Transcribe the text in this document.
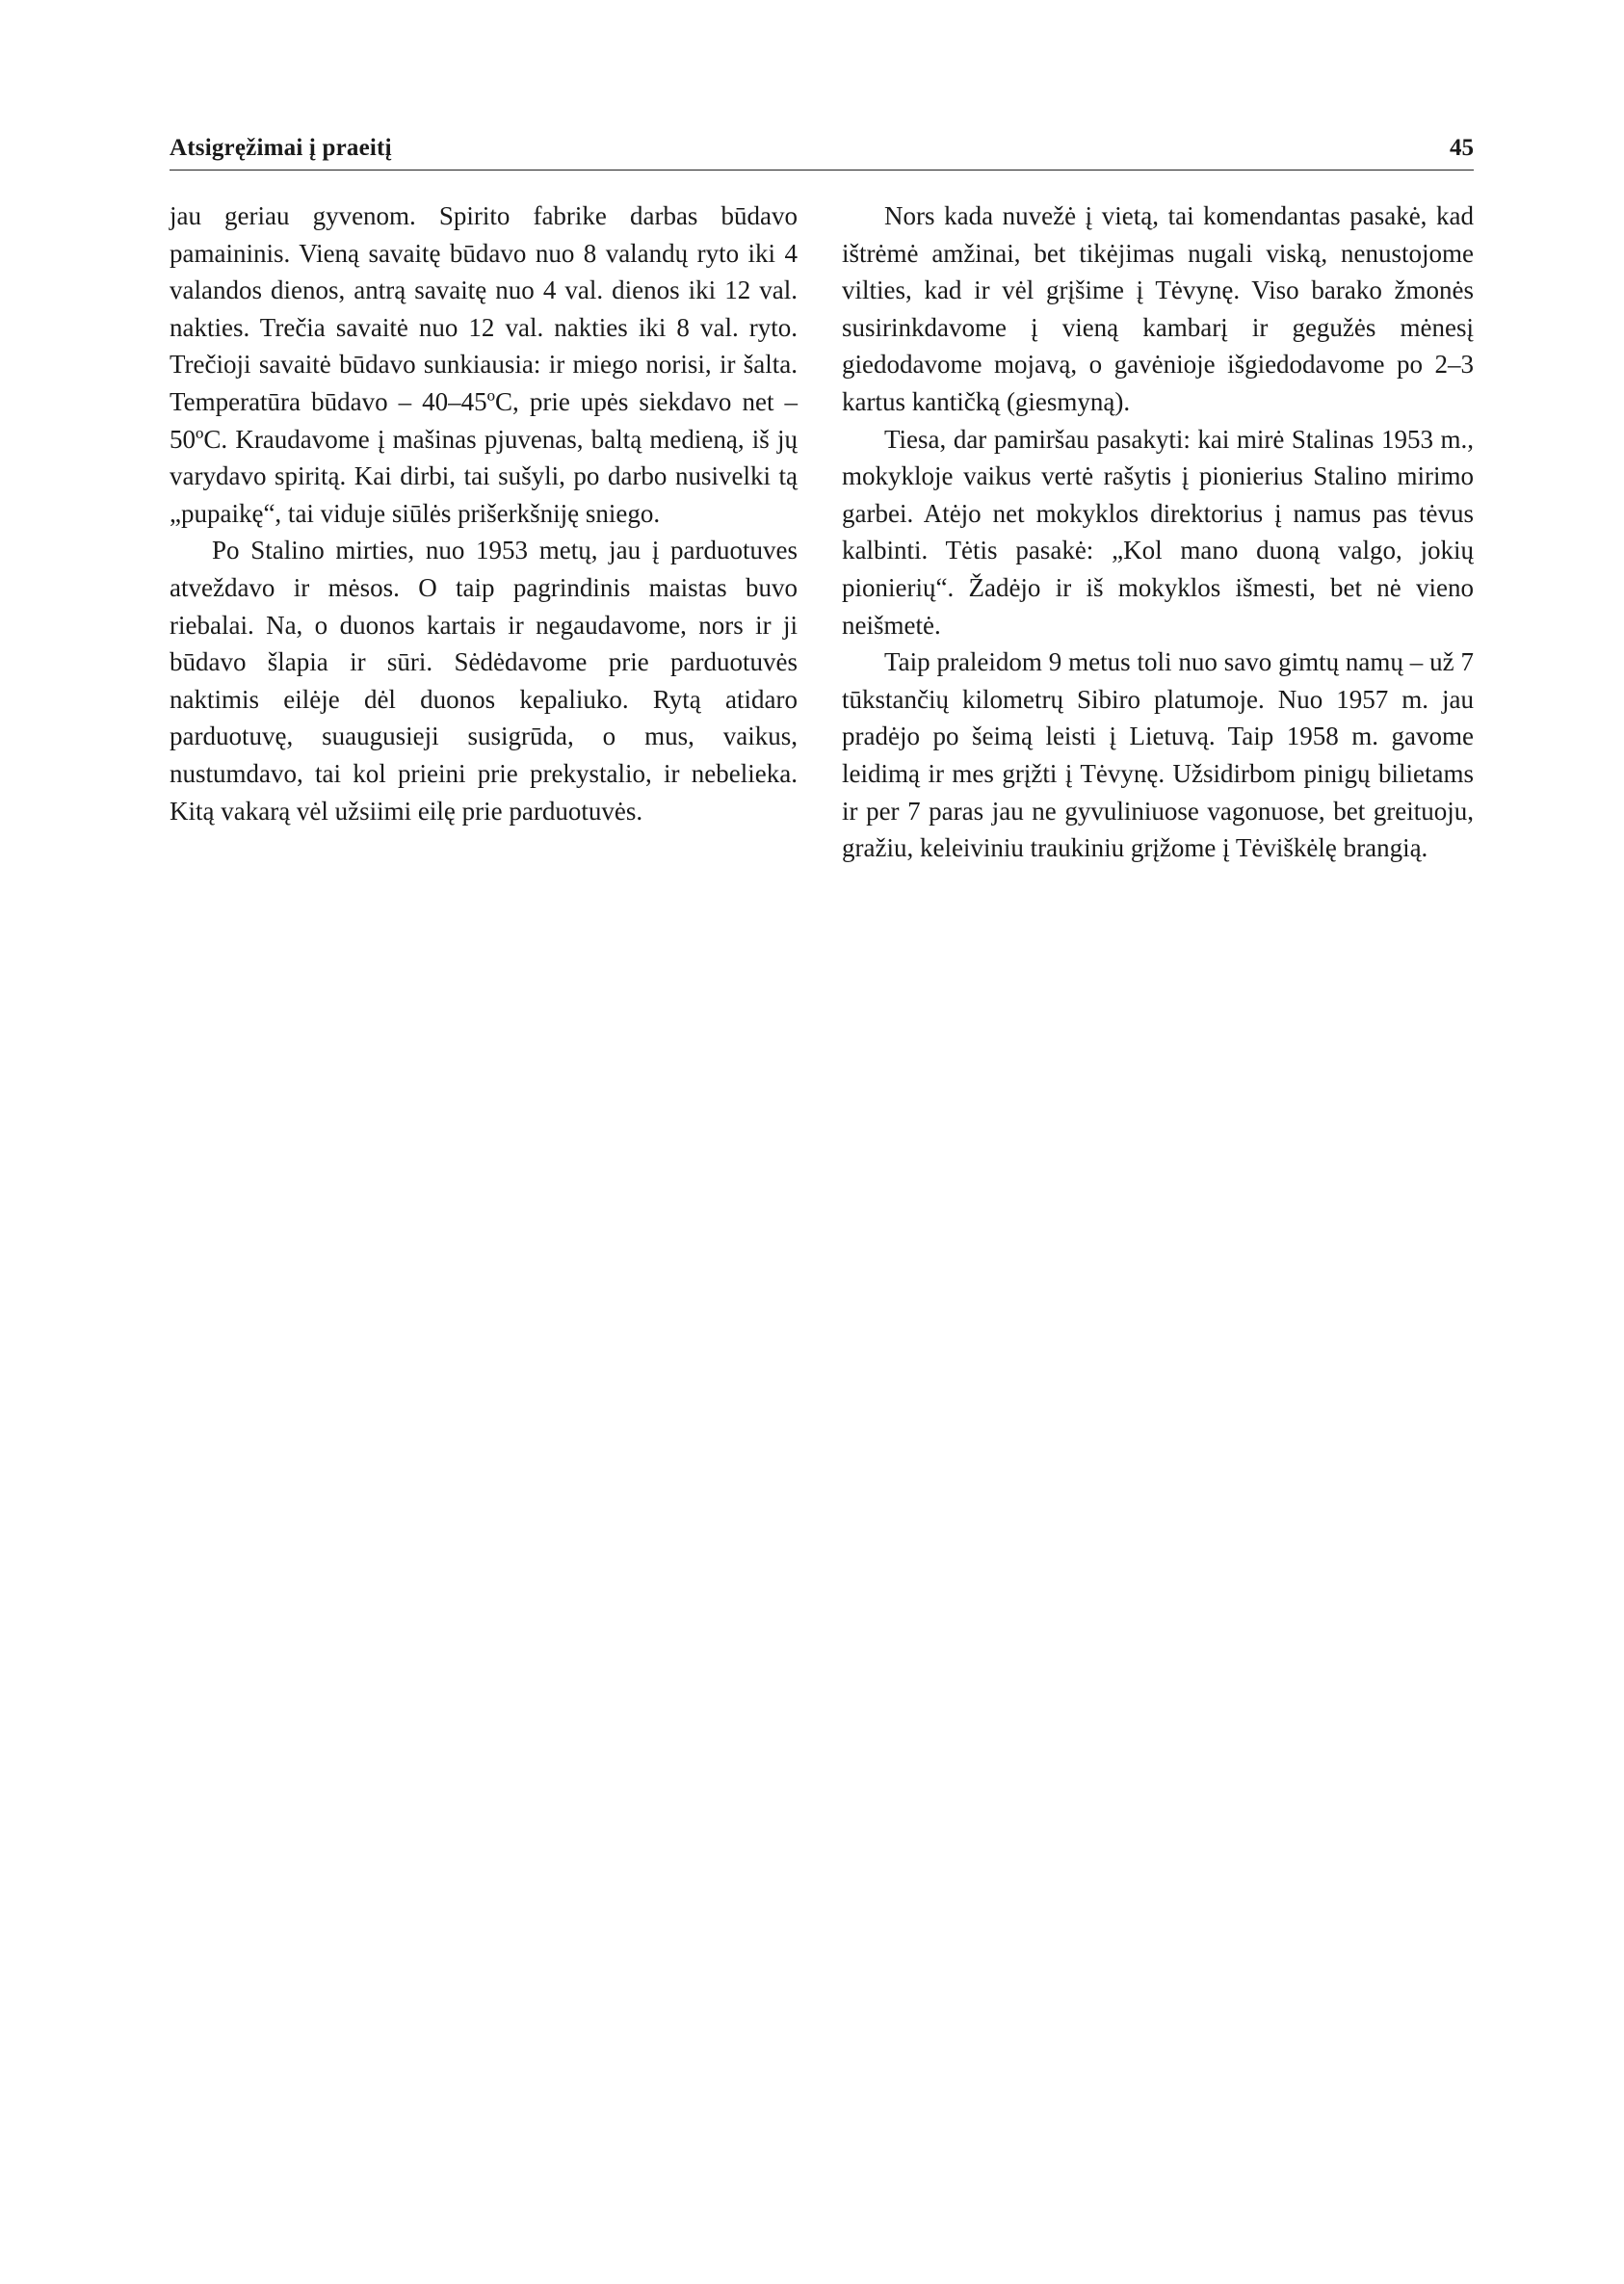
Atsigręžimai į praeitį	45

jau geriau gyvenom. Spirito fabrike darbas būdavo pamaininis. Vieną savaitę būdavo nuo 8 valandų ryto iki 4 valandos dienos, antrą savaitę nuo 4 val. dienos iki 12 val. nakties. Trečia savaitė nuo 12 val. nakties iki 8 val. ryto. Trečioji savaitė būdavo sunkiausia: ir miego norisi, ir šalta. Temperatūra būdavo – 40–45ºC, prie upės siekdavo net –50ºC. Kraudavome į mašinas pjuvenas, baltą medieną, iš jų varydavo spiritą. Kai dirbi, tai sušyli, po darbo nusivelki tą „pupaikę“, tai viduje siūlės prišerkšniję sniego.

Po Stalino mirties, nuo 1953 metų, jau į parduotuves atveždavo ir mėsos. O taip pagrindinis maistas buvo riebalai. Na, o duonos kartais ir negaudavome, nors ir ji būdavo šlapia ir sūri. Sėdėdavome prie parduotuvės naktimis eilėje dėl duonos kepaliuko. Rytą atidaro parduotuvę, suaugusieji susigrūda, o mus, vaikus, nustumdavo, tai kol prieini prie prekystalio, ir nebelieka. Kitą vakarą vėl užsiimi eilę prie parduotuvės.

Nors kada nuvežė į vietą, tai komendantas pasakė, kad ištrėmė amžinai, bet tikėjimas nugali viską, nenustojome vilties, kad ir vėl grįšime į Tėvynę. Viso barako žmonės susirinkdavome į vieną kambarį ir gegužės mėnesį giedodavome mojavą, o gavėnioje išgiedodavome po 2–3 kartus kantičką (giesmyną).

Tiesa, dar pamiršau pasakyti: kai mirė Stalinas 1953 m., mokykloje vaikus vertė rašytis į pionierius Stalino mirimo garbei. Atėjo net mokyklos direktorius į namus pas tėvus kalbinti. Tėtis pasakė: „Kol mano duoną valgo, jokių pionierių“. Žadėjo ir iš mokyklos išmesti, bet nė vieno neišmetė.

Taip praleidom 9 metus toli nuo savo gimtų namų – už 7 tūkstančių kilometrų Sibiro platumoje. Nuo 1957 m. jau pradėjo po šeimą leisti į Lietuvą. Taip 1958 m. gavome leidimą ir mes grįžti į Tėvynę. Užsidirbom pinigų bilietams ir per 7 paras jau ne gyvuliniuose vagonuose, bet greituoju, gražiu, keleiviniu traukiniu grįžome į Tėviškėlę brangią.
